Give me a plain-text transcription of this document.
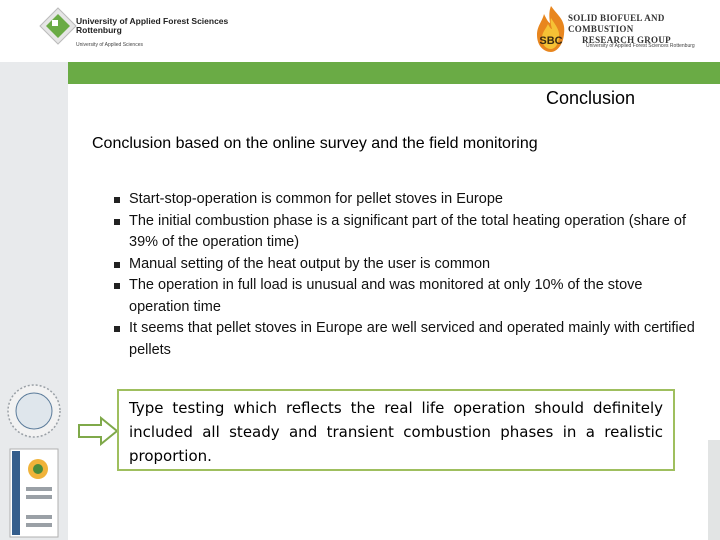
University of Applied Forest Sciences
Rottenburg
University of Applied Sciences	SBC
SOLID BIOFUEL AND COMBUSTION
RESEARCH GROUP
University of Applied Forest Sciences Rottenburg
Conclusion
Conclusion based on the online survey and the field monitoring
Start-stop-operation is common for pellet stoves in Europe
The initial combustion phase is a significant part of the total heating operation (share of 39% of the operation time)
Manual setting of the heat output by the user is common
The operation in full load is unusual and was monitored at only 10% of the stove operation time
It seems that pellet stoves in Europe are well serviced and operated mainly with certified pellets
Type testing which reflects the real life operation should definitely included all steady and transient combustion phases in a realistic proportion.
